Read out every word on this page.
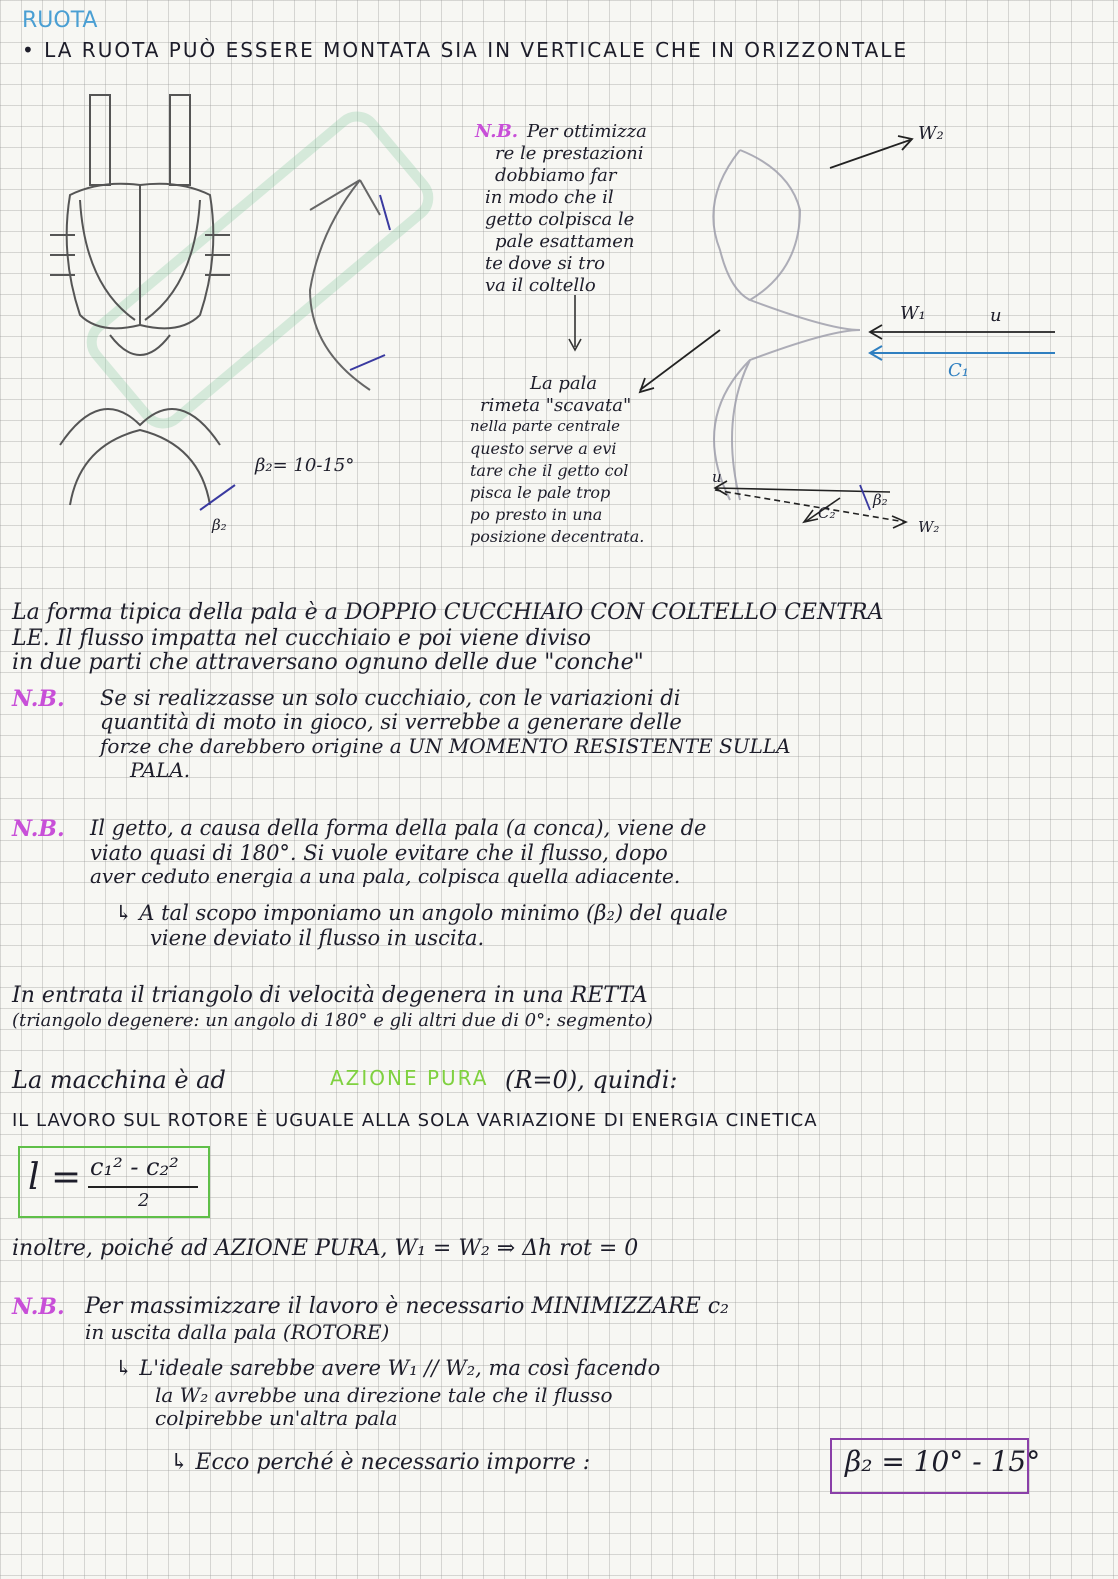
RUOTA
• LA RUOTA PUÒ ESSERE MONTATA SIA IN VERTICALE CHE IN ORIZZONTALE
β₂= 10-15°
β₂
N.B. Per ottimizza
re le prestazioni
dobbiamo far
in modo che il
getto colpisca le
pale esattamen
te dove si tro
va il coltello
La pala
rimeta "scavata"
nella parte centrale
questo serve a evi
tare che il getto col
pisca le pale trop
po presto in una
posizione decentrata.
W₂
W₁	u
C₁
u
C₂
β₂
W₂
La forma tipica della pala è a DOPPIO CUCCHIAIO CON COLTELLO CENTRA
LE. Il flusso impatta nel cucchiaio e poi viene diviso
in due parti che attraversano ognuno delle due "conche"
N.B. Se si realizzasse un solo cucchiaio, con le variazioni di
quantità di moto in gioco, si verrebbe a generare delle
forze che darebbero origine a UN MOMENTO RESISTENTE SULLA
PALA.
N.B. Il getto, a causa della forma della pala (a conca), viene de
viato quasi di 180°. Si vuole evitare che il flusso, dopo
aver ceduto energia a una pala, colpisca quella adiacente.
↳ A tal scopo imponiamo un angolo minimo (β₂) del quale
viene deviato il flusso in uscita.
In entrata il triangolo di velocità degenera in una RETTA
(triangolo degenere: un angolo di 180° e gli altri due di 0°: segmento)
La macchina è ad	AZIONE PURA (R=0), quindi:
IL LAVORO SUL ROTORE È UGUALE ALLA SOLA VARIAZIONE DI ENERGIA CINETICA
l = c₁² - c₂²
2
inoltre, poiché ad AZIONE PURA, W₁ = W₂ ⇒ Δh rot = 0
N.B. Per massimizzare il lavoro è necessario MINIMIZZARE c₂
in uscita dalla pala (ROTORE)
↳ L'ideale sarebbe avere W₁ // W₂, ma così facendo
la W₂ avrebbe una direzione tale che il flusso
colpirebbe un'altra pala
↳ Ecco perché è necessario imporre :	β₂ = 10° - 15°
